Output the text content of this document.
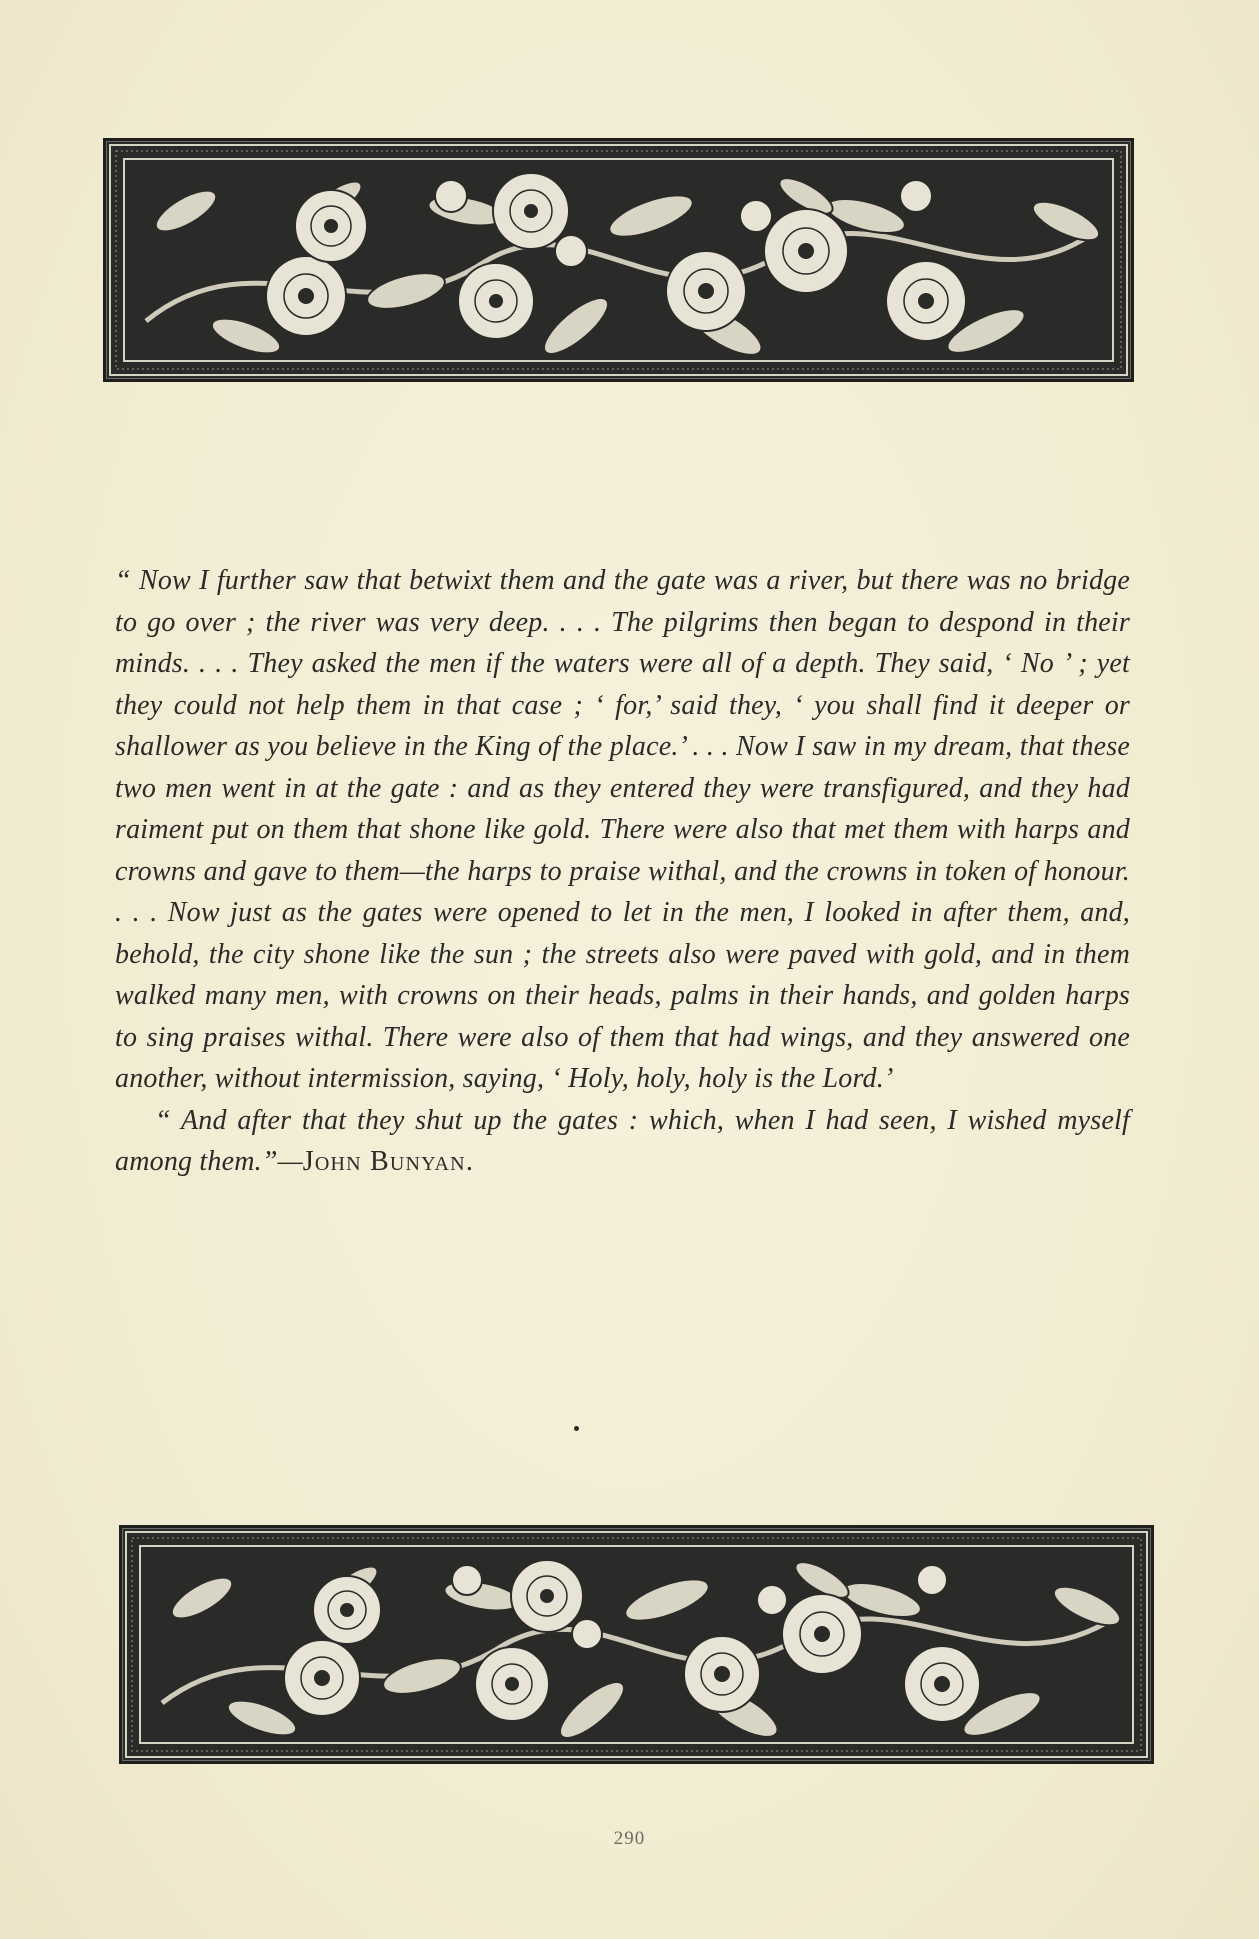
“ Now I further saw that betwixt them and the gate was a river, but there was no bridge to go over ; the river was very deep. . . . The pilgrims then began to despond in their minds. . . . They asked the men if the waters were all of a depth. They said, ‘ No ’ ; yet they could not help them in that case ; ‘ for,’ said they, ‘ you shall find it deeper or shallower as you believe in the King of the place.’ . . . Now I saw in my dream, that these two men went in at the gate : and as they entered they were transfigured, and they had raiment put on them that shone like gold. There were also that met them with harps and crowns and gave to them—the harps to praise withal, and the crowns in token of honour. . . . Now just as the gates were opened to let in the men, I looked in after them, and, behold, the city shone like the sun ; the streets also were paved with gold, and in them walked many men, with crowns on their heads, palms in their hands, and golden harps to sing praises withal. There were also of them that had wings, and they answered one another, without intermission, saying, ‘ Holy, holy, holy is the Lord.’

“ And after that they shut up the gates : which, when I had seen, I wished myself among them.”—John Bunyan.

290
